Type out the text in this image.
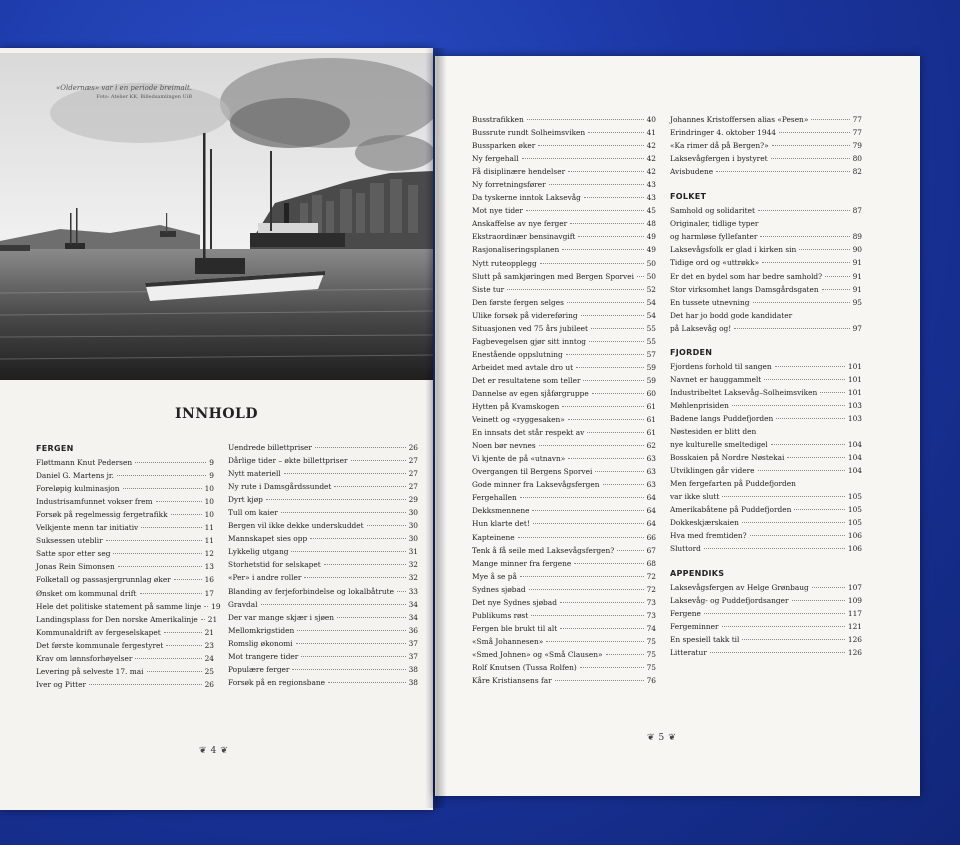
«Oldernæs» var i en periode breimalt.
Foto: Atelier KK, Billedsamlingen UiB
INNHOLD
FERGEN
Fløttmann Knut Pedersen	9
Daniel G. Martens jr.	9
Foreløpig kulminasjon	10
Industrisamfunnet vokser frem	10
Forsøk på regelmessig fergetrafikk	10
Velkjente menn tar initiativ	11
Suksessen uteblir	11
Satte spor etter seg	12
Jonas Rein Simonsen	13
Folketall og passasjergrunnlag øker	16
Ønsket om kommunal drift	17
Hele det politiske statement på samme linje 19
Landingsplass for Den norske Amerikalinje 21
Kommunaldrift av fergeselskapet	21
Det første kommunale fergestyret	23
Krav om lønnsforhøyelser	24
Levering på selveste 17. mai	25
Iver og Pitter	26
Uendrede billettpriser	26
Dårlige tider – økte billettpriser	27
Nytt materiell	27
Ny rute i Damsgårdssundet	27
Dyrt kjøp	29
Tull om kaier	30
Bergen vil ikke dekke underskuddet	30
Mannskapet sies opp	30
Lykkelig utgang	31
Storhetstid for selskapet	32
«Per» i andre roller	32
Blanding av ferjeforbindelse og lokalbåtrute 33
Gravdal	34
Der var mange skjær i sjøen	34
Mellomkrigstiden	36
Romslig økonomi	37
Mot trangere tider	37
Populære ferger	38
Forsøk på en regionsbane	38
❦ 4 ❦
Busstrafikken	40
Bussrute rundt Solheimsviken	41
Bussparken øker	42
Ny fergehall	42
Få disiplinære hendelser	42
Ny forretningsfører	43
Da tyskerne inntok Laksevåg	43
Mot nye tider	45
Anskaffelse av nye ferger	48
Ekstraordinær bensinavgift	49
Rasjonaliseringsplanen	49
Nytt ruteopplegg	50
Slutt på samkjøringen med Bergen Sporvei 50
Siste tur	52
Den første fergen selges	54
Ulike forsøk på videreføring	54
Situasjonen ved 75 års jubileet	55
Fagbevegelsen gjør sitt inntog	55
Enestående oppslutning	57
Arbeidet med avtale dro ut	59
Det er resultatene som teller	59
Dannelse av egen sjåførgruppe	60
Hytten på Kvamskogen	61
Veinett og «ryggesaken»	61
En innsats det står respekt av	61
Noen bør nevnes	62
Vi kjente de på «utnavn»	63
Overgangen til Bergens Sporvei	63
Gode minner fra Laksevågsfergen	63
Fergehallen	64
Dekksmennene	64
Hun klarte det!	64
Kapteinene	66
Tenk å få seile med Laksevågsfergen?	67
Mange minner fra fergene	68
Mye å se på	72
Sydnes sjøbad	72
Det nye Sydnes sjøbad	73
Publikums røst	73
Fergen ble brukt til alt	74
«Små Johannesen»	75
«Smed Johnen» og «Små Clausen»	75
Rolf Knutsen (Tussa Rolfen)	75
Kåre Kristiansens far	76
Johannes Kristoffersen alias «Pesen»	77
Erindringer 4. oktober 1944	77
«Ka rimer då på Bergen?»	79
Laksevågfergen i bystyret	80
Avisbudene	82
FOLKET
Samhold og solidaritet	87
Originaler, tidlige typer
og harmløse fyllefanter	89
Laksevågsfolk er glad i kirken sin	90
Tidige ord og «uttrøkk»	91
Er det en bydel som har bedre samhold?	91
Stor virksomhet langs Damsgårdsgaten	91
En tussete utnevning	95
Det har jo bodd gode kandidater
på Laksevåg og!	97
FJORDEN
Fjordens forhold til sangen	101
Navnet er hauggammelt	101
Industribeltet Laksevåg–Solheimsviken	101
Møhlenprisiden	103
Badene langs Puddefjorden	103
Nøstesiden er blitt den
nye kulturelle smeltedigel	104
Bosskaien på Nordre Nøstekai	104
Utviklingen går videre	104
Men fergefarten på Puddefjorden
var ikke slutt	105
Amerikabåtene på Puddefjorden	105
Dokkeskjærskaien	105
Hva med fremtiden?	106
Sluttord	106
APPENDIKS
Laksevågsfergen av Helge Grønbaug	107
Laksevåg- og Puddefjordsanger	109
Fergene	117
Fergeminner	121
En spesiell takk til	126
Litteratur	126
❦ 5 ❦
